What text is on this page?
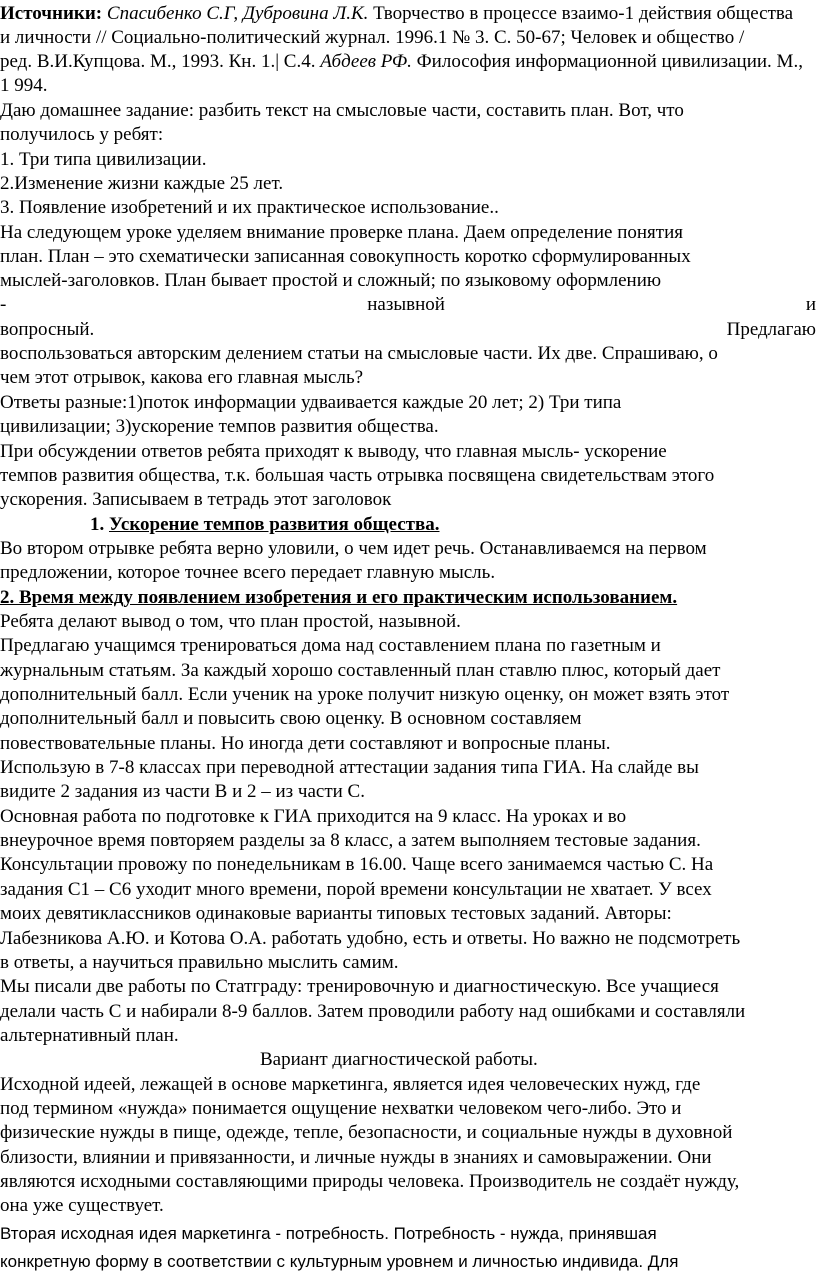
Источники: Спасибенко С.Г, Дубровина Л.К. Творчество в процессе взаимо-1 действия общества
и личности // Социально-политический журнал. 1996.1 № 3. С. 50-67; Человек и общество /
ред. В.И.Купцова. М., 1993. Кн. 1.| С.4. Абдеев РФ. Философия информационной цивилизации. М.,
1 994.
Даю домашнее задание: разбить текст на смысловые части, составить план. Вот, что
получилось у ребят:
1. Три типа цивилизации.
2.Изменение жизни каждые 25 лет.
3. Появление изобретений и их практическое использование..
На следующем уроке уделяем внимание проверке плана. Даем определение понятия
план. План – это схематически записанная совокупность коротко сформулированных
мыслей-заголовков. План бывает простой и сложный; по языковому оформлению
-	назывной	и
вопросный.	Предлагаю
воспользоваться авторским делением статьи на смысловые части. Их две. Спрашиваю, о
чем этот отрывок, какова его главная мысль?
Ответы разные:1)поток информации удваивается каждые 20 лет; 2) Три типа
цивилизации; 3)ускорение темпов развития общества.
При обсуждении ответов ребята приходят к выводу, что главная мысль- ускорение
темпов развития общества, т.к. большая часть отрывка посвящена свидетельствам этого
ускорения. Записываем в тетрадь этот заголовок
1. Ускорение темпов развития общества.
Во втором отрывке ребята верно уловили, о чем идет речь. Останавливаемся на первом
предложении, которое точнее всего передает главную мысль.
2. Время между появлением изобретения и его практическим использованием.
Ребята делают вывод о том, что план простой, назывной.
Предлагаю учащимся тренироваться дома над составлением плана по газетным и
журнальным статьям. За каждый хорошо составленный план ставлю плюс, который дает
дополнительный балл. Если ученик на уроке получит низкую оценку, он может взять этот
дополнительный балл и повысить свою оценку. В основном составляем
повествовательные планы. Но иногда дети составляют и вопросные планы.
Использую в 7-8 классах при переводной аттестации задания типа ГИА. На слайде вы
видите 2 задания из части В и 2 – из части С.
Основная работа по подготовке к ГИА приходится на 9 класс. На уроках и во
внеурочное время повторяем разделы за 8 класс, а затем выполняем тестовые задания.
Консультации провожу по понедельникам в 16.00. Чаще всего занимаемся частью С. На
задания С1 – С6 уходит много времени, порой времени консультации не хватает. У всех
моих девятиклассников одинаковые варианты типовых тестовых заданий. Авторы:
Лабезникова А.Ю. и Котова О.А. работать удобно, есть и ответы. Но важно не подсмотреть
в ответы, а научиться правильно мыслить самим.
Мы писали две работы по Статграду: тренировочную и диагностическую. Все учащиеся
делали часть С и набирали 8-9 баллов. Затем проводили работу над ошибками и составляли
альтернативный план.
Вариант диагностической работы.
Исходной идеей, лежащей в основе маркетинга, является идея человеческих нужд, где
под термином «нужда» понимается ощущение нехватки человеком чего-либо. Это и
физические нужды в пище, одежде, тепле, безопасности, и социальные нужды в духовной
близости, влиянии и привязанности, и личные нужды в знаниях и самовыражении. Они
являются исходными составляющими природы человека. Производитель не создаёт нужду,
она уже существует.
Вторая исходная идея маркетинга - потребность. Потребность - нужда, принявшая
конкретную форму в соответствии с культурным уровнем и личностью индивида. Для
